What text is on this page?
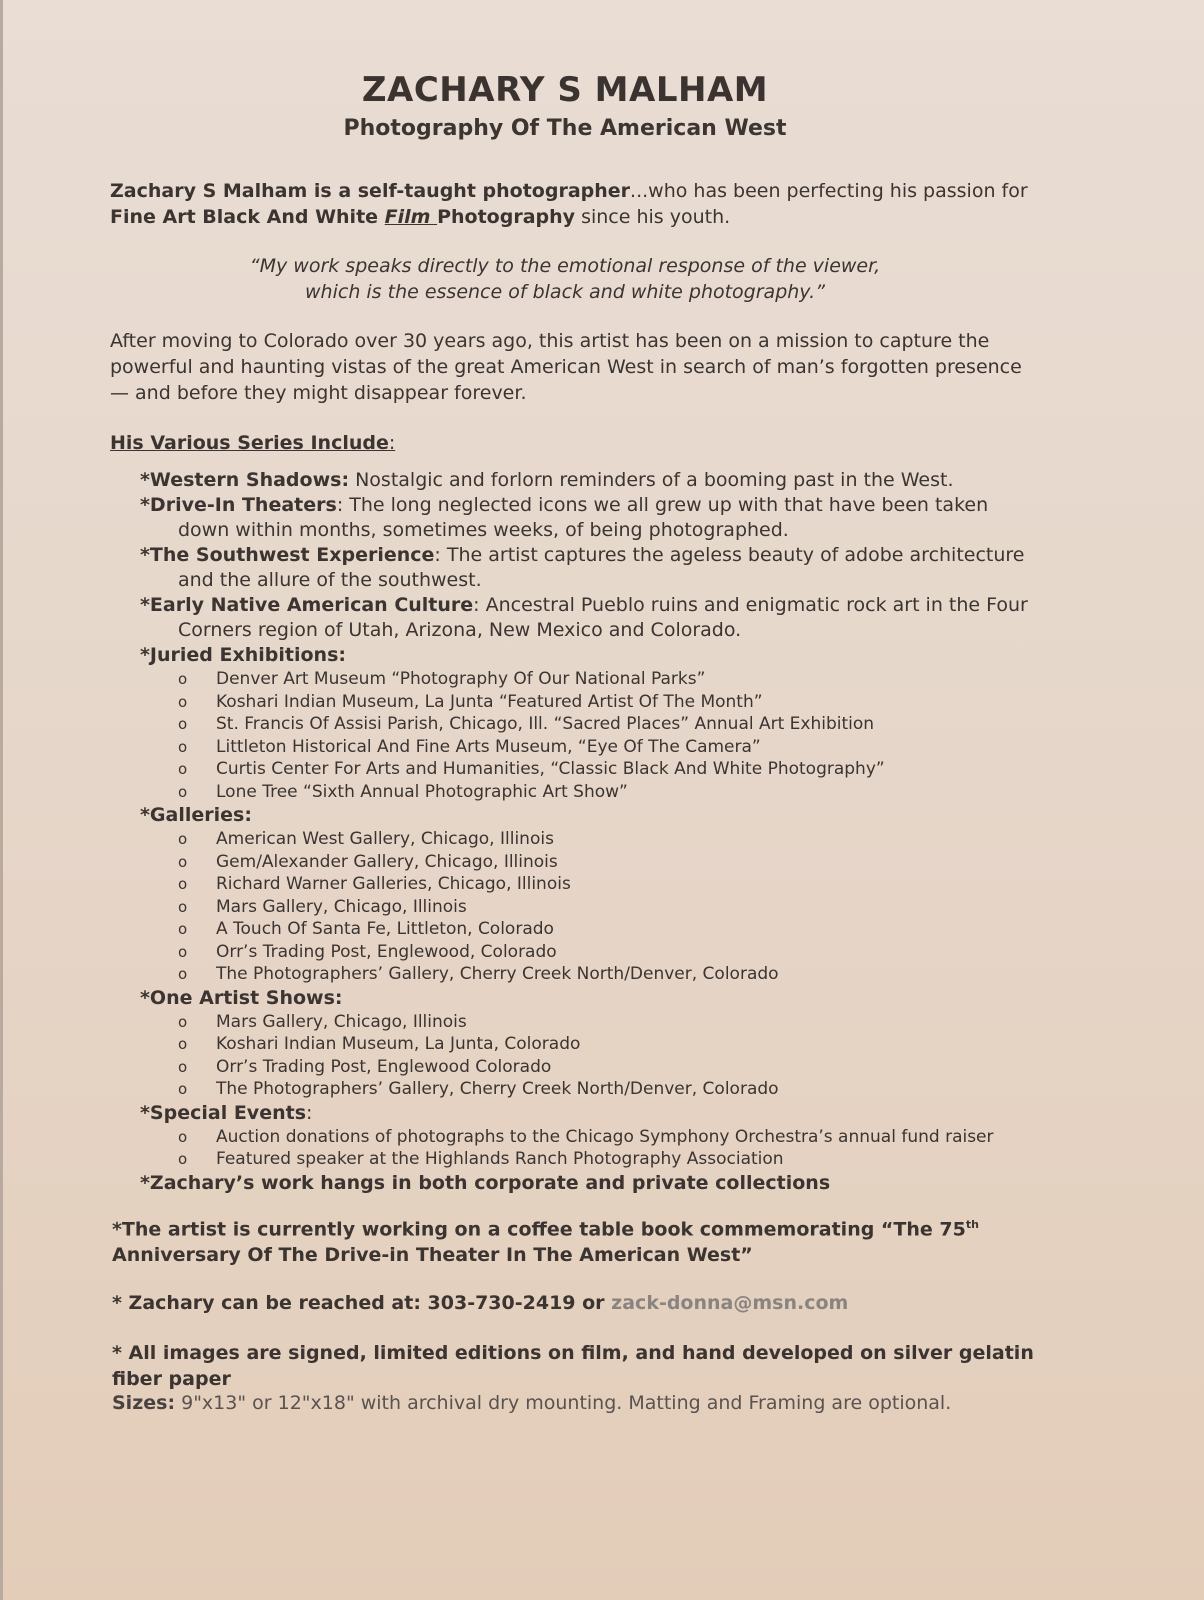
ZACHARY S MALHAM
Photography Of The American West
Zachary S Malham is a self-taught photographer...who has been perfecting his passion for
Fine Art Black And White Film Photography since his youth.
“My work speaks directly to the emotional response of the viewer,
which is the essence of black and white photography.”
After moving to Colorado over 30 years ago, this artist has been on a mission to capture the powerful and haunting vistas of the great American West in search of man’s forgotten presence — and before they might disappear forever.
His Various Series Include:
*Western Shadows: Nostalgic and forlorn reminders of a booming past in the West.
*Drive-In Theaters: The long neglected icons we all grew up with that have been taken
down within months, sometimes weeks, of being photographed.
*The Southwest Experience: The artist captures the ageless beauty of adobe architecture
and the allure of the southwest.
*Early Native American Culture: Ancestral Pueblo ruins and enigmatic rock art in the Four
Corners region of Utah, Arizona, New Mexico and Colorado.
*Juried Exhibitions:
o Denver Art Museum “Photography Of Our National Parks”
o Koshari Indian Museum, La Junta “Featured Artist Of The Month”
o St. Francis Of Assisi Parish, Chicago, Ill. “Sacred Places” Annual Art Exhibition
o Littleton Historical And Fine Arts Museum, “Eye Of The Camera”
o Curtis Center For Arts and Humanities, “Classic Black And White Photography”
o Lone Tree “Sixth Annual Photographic Art Show”
*Galleries:
o American West Gallery, Chicago, Illinois
o Gem/Alexander Gallery, Chicago, Illinois
o Richard Warner Galleries, Chicago, Illinois
o Mars Gallery, Chicago, Illinois
o A Touch Of Santa Fe, Littleton, Colorado
o Orr’s Trading Post, Englewood, Colorado
o The Photographers’ Gallery, Cherry Creek North/Denver, Colorado
*One Artist Shows:
o Mars Gallery, Chicago, Illinois
o Koshari Indian Museum, La Junta, Colorado
o Orr’s Trading Post, Englewood Colorado
o The Photographers’ Gallery, Cherry Creek North/Denver, Colorado
*Special Events:
o Auction donations of photographs to the Chicago Symphony Orchestra’s annual fund raiser
o Featured speaker at the Highlands Ranch Photography Association
*Zachary’s work hangs in both corporate and private collections
*The artist is currently working on a coffee table book commemorating “The 75th
Anniversary Of The Drive-in Theater In The American West”
* Zachary can be reached at: 303-730-2419 or zack-donna@msn.com
* All images are signed, limited editions on film, and hand developed on silver gelatin fiber paper
Sizes: 9"x13" or 12"x18" with archival dry mounting. Matting and Framing are optional.
